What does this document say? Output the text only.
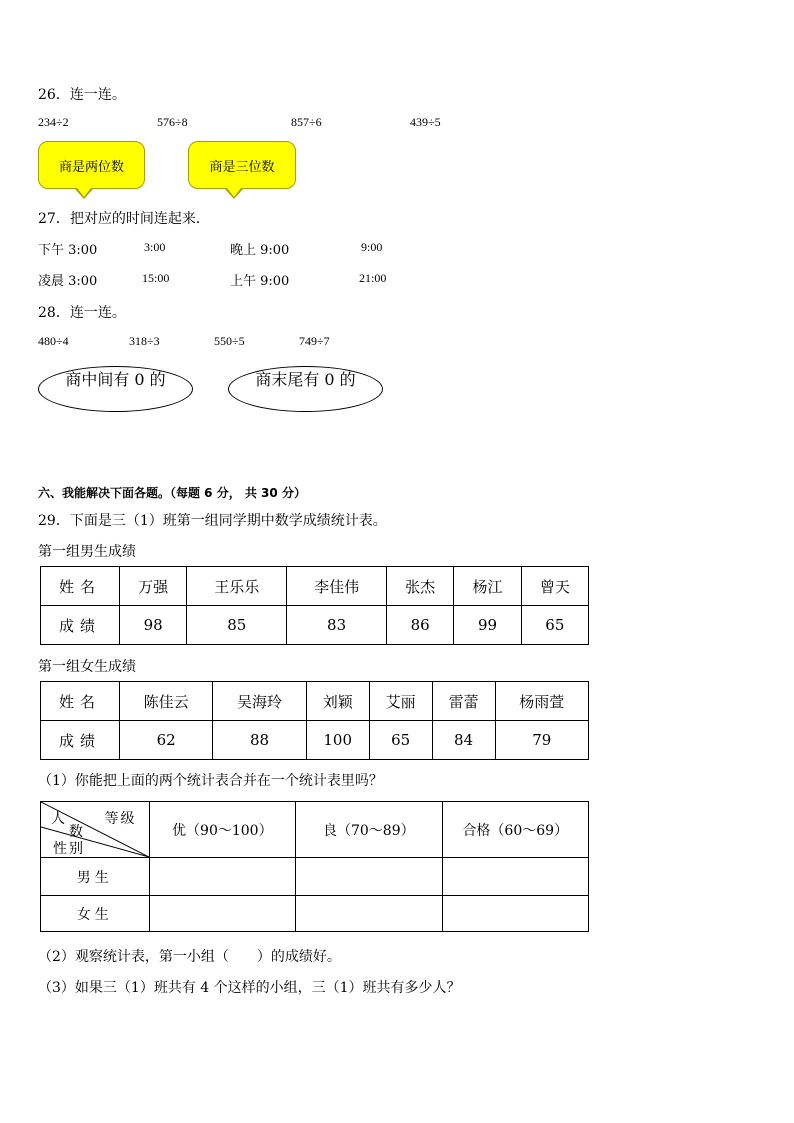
26．连一连。
234÷2	576÷8	857÷6	439÷5
商是两位数	商是三位数
27．把对应的时间连起来．
下午 3:00	3:00	晚上 9:00	9:00
凌晨 3:00	15:00	上午 9:00	21:00
28．连一连。
480÷4	318÷3	550÷5	749÷7
商中间有 0 的	商末尾有 0 的
六、我能解决下面各题。（每题 6 分， 共 30 分）
29．下面是三（1）班第一组同学期中数学成绩统计表。
第一组男生成绩
姓名	万强	王乐乐	李佳伟	张杰	杨江	曾天
成绩	98	85	83	86	99	65
第一组女生成绩
姓名	陈佳云	吴海玲	刘颖	艾丽	雷蕾	杨雨萱
成绩	62	88	100	65	84	79
（1）你能把上面的两个统计表合并在一个统计表里吗？
等级
人
数
性别	优（90～100）	良（70～89）	合格（60～69）
男生			
女生			
（2）观察统计表，第一小组（　　）的成绩好。
（3）如果三（1）班共有 4 个这样的小组，三（1）班共有多少人？
